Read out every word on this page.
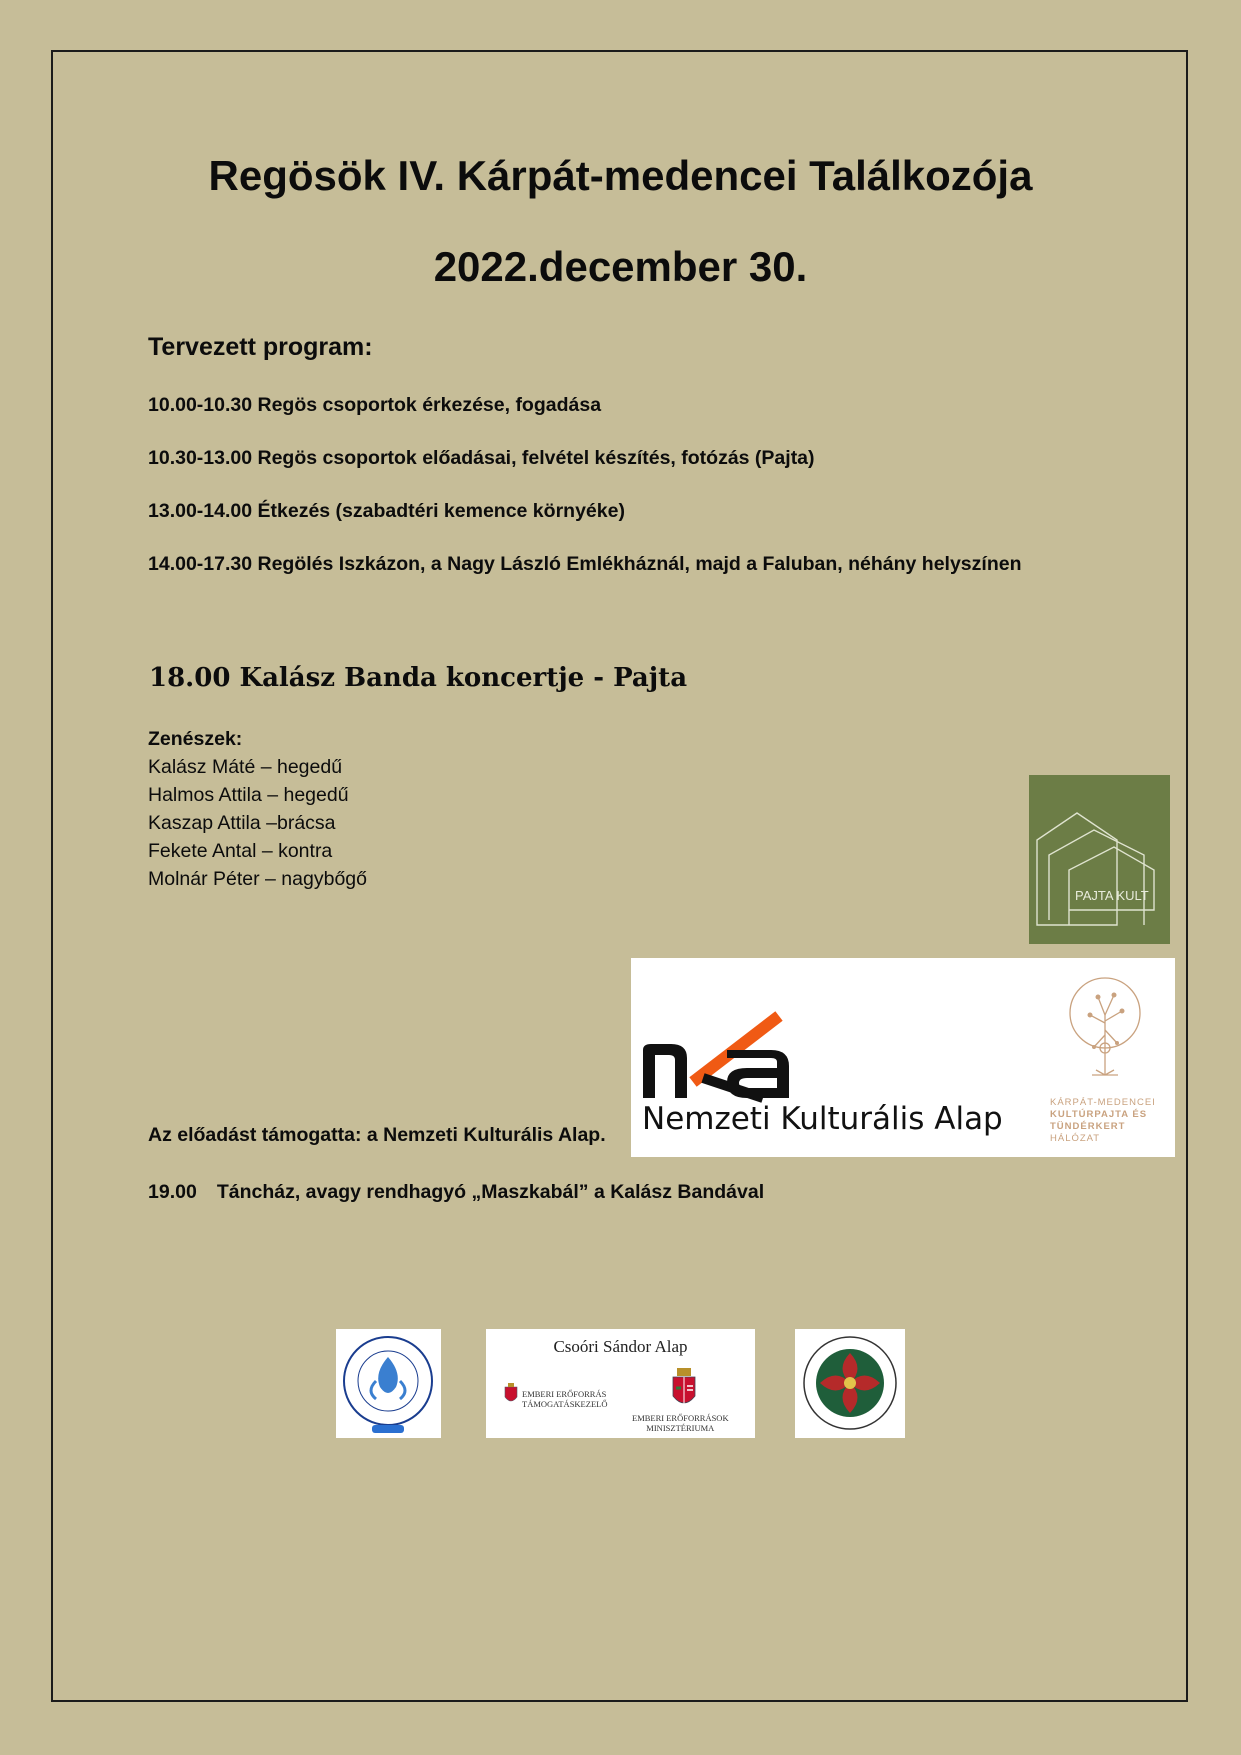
Regösök IV. Kárpát-medencei Találkozója
2022.december 30.
Tervezett program:
10.00-10.30 Regös csoportok érkezése, fogadása
10.30-13.00 Regös csoportok előadásai, felvétel készítés, fotózás (Pajta)
13.00-14.00 Étkezés (szabadtéri kemence környéke)
14.00-17.30 Regölés Iszkázon, a Nagy László Emlékháznál, majd a Faluban, néhány helyszínen
18.00 Kalász Banda koncertje - Pajta
Zenészek:
Kalász Máté – hegedű
Halmos Attila – hegedű
Kaszap Attila –brácsa
Fekete Antal – kontra
Molnár Péter – nagybőgő
PAJTA KULT
Nemzeti Kulturális Alap	KÁRPÁT-MEDENCEI
KULTÚRPAJTA ÉS
TÜNDÉRKERT
HÁLÓZAT
Az előadást támogatta: a Nemzeti Kulturális Alap.
19.00 Táncház, avagy rendhagyó „Maszkabál” a Kalász Bandával
Csoóri Sándor Alap
EMBERI ERŐFORRÁS
TÁMOGATÁSKEZELŐ
EMBERI ERŐFORRÁSOK
MINISZTÉRIUMA
